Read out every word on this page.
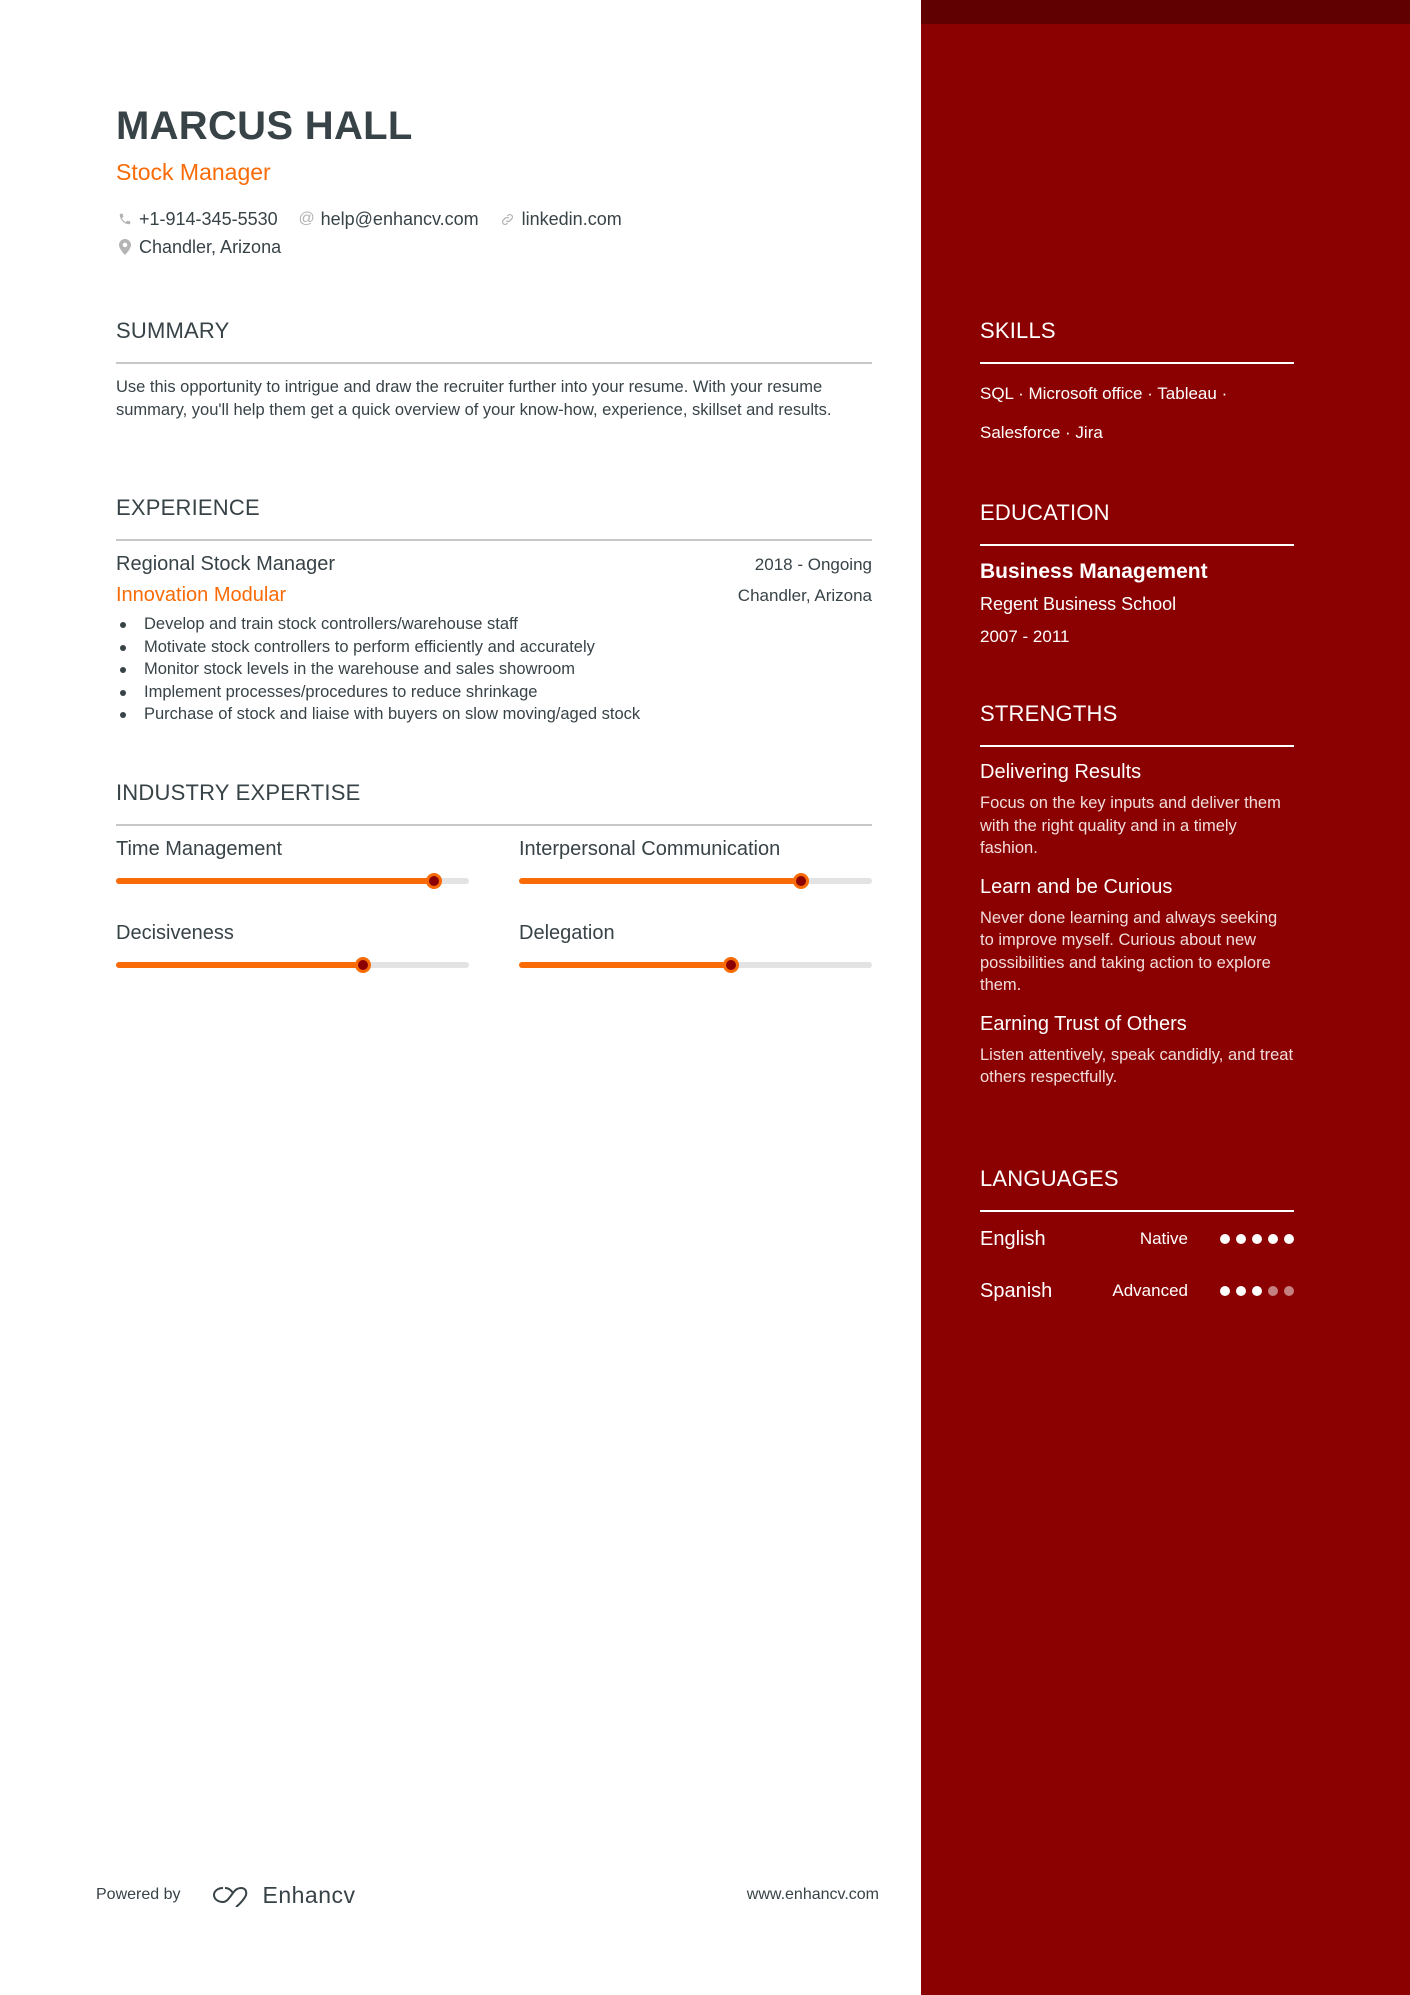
MARCUS HALL
Stock Manager
+1-914-345-5530 @ help@enhancv.com linkedin.com
Chandler, Arizona
SUMMARY
Use this opportunity to intrigue and draw the recruiter further into your resume. With your resume summary, you'll help them get a quick overview of your know-how, experience, skillset and results.
EXPERIENCE
Regional Stock Manager	2018 - Ongoing
Innovation Modular	Chandler, Arizona
Develop and train stock controllers/warehouse staff
Motivate stock controllers to perform efficiently and accurately
Monitor stock levels in the warehouse and sales showroom
Implement processes/procedures to reduce shrinkage
Purchase of stock and liaise with buyers on slow moving/aged stock
INDUSTRY EXPERTISE
Time Management	Interpersonal Communication
Decisiveness	Delegation
Powered by	Enhancv	www.enhancv.com
SKILLS
SQL · Microsoft office · Tableau ·
Salesforce · Jira
EDUCATION
Business Management
Regent Business School
2007 - 2011
STRENGTHS
Delivering Results
Focus on the key inputs and deliver them with the right quality and in a timely fashion.
Learn and be Curious
Never done learning and always seeking to improve myself. Curious about new possibilities and taking action to explore them.
Earning Trust of Others
Listen attentively, speak candidly, and treat others respectfully.
LANGUAGES
English	Native
Spanish	Advanced
